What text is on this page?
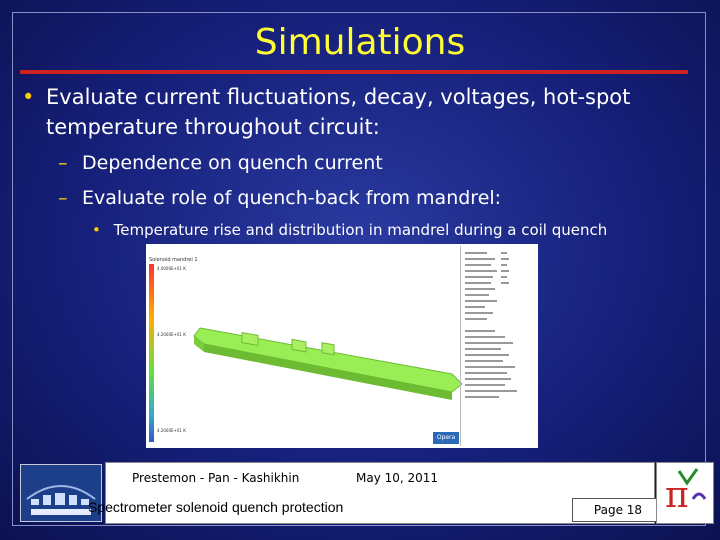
Simulations
• Evaluate current fluctuations, decay, voltages, hot-spot temperature throughout circuit:
– Dependence on quench current
– Evaluate role of quench-back from mandrel:
• Temperature rise and distribution in mandrel during a coil quench
Solenoid mandrel 1
4.0000E+01 K
4.2000E+01 K
4.2000E+01 K
Opera
Prestemon - Pan - Kashikhin	May 10, 2011
Spectrometer solenoid quench protection	Page 18 π
